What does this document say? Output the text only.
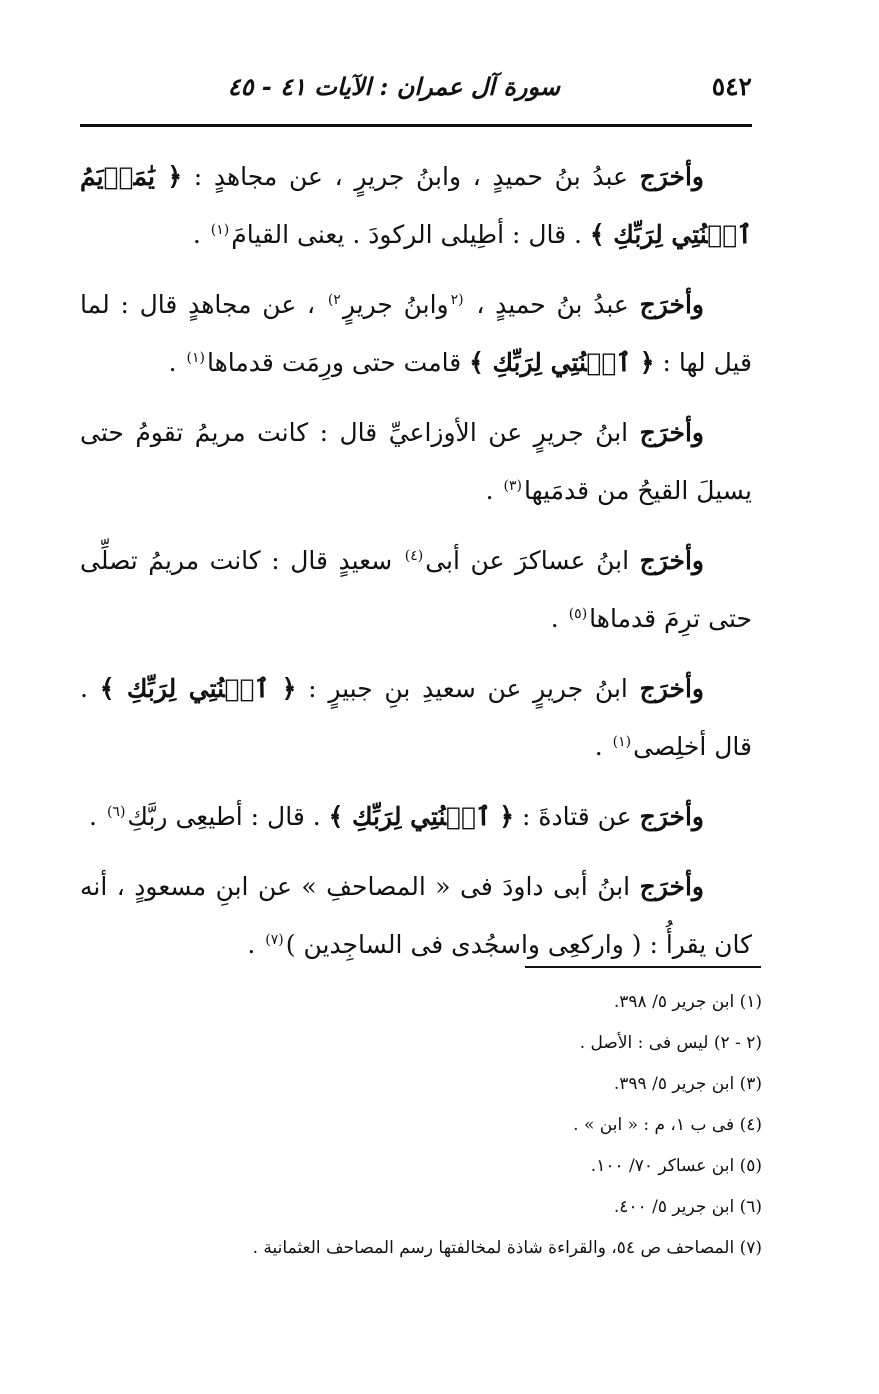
٥٤٢
سورة آل عمران : الآيات ٤١ - ٤٥

وأخرَج عبدُ بنُ حميدٍ ، وابنُ جريرٍ ، عن مجاهدٍ : ﴿ يَٰمَرۡيَمُ ٱقۡنُتِي لِرَبِّكِ ﴾ . قال : أطِيلى الركودَ . يعنى القيامَ$^{(١)}$ .

وأخرَج عبدُ بنُ حميدٍ ، $^{(٢}$وابنُ جريرٍ$^{٢)}$ ، عن مجاهدٍ قال : لما قيل لها : ﴿ ٱقۡنُتِي لِرَبِّكِ ﴾ قامت حتى ورِمَت قدماها$^{(١)}$ .

وأخرَج ابنُ جريرٍ عن الأوزاعيِّ قال : كانت مريمُ تقومُ حتى يسيلَ القيحُ من قدمَيها$^{(٣)}$ .

وأخرَج ابنُ عساكرَ عن أبى$^{(٤)}$ سعيدٍ قال : كانت مريمُ تصلِّى حتى ترِمَ قدماها$^{(٥)}$ .

وأخرَج ابنُ جريرٍ عن سعيدِ بنِ جبيرٍ : ﴿ ٱقۡنُتِي لِرَبِّكِ ﴾ . قال أخلِصى$^{(١)}$ .

وأخرَج عن قتادةَ : ﴿ ٱقۡنُتِي لِرَبِّكِ ﴾ . قال : أطيعِى ربَّكِ$^{(٦)}$ .

وأخرَج ابنُ أبى داودَ فى « المصاحفِ » عن ابنِ مسعودٍ ، أنه كان يقرأُ : ( واركعِى واسجُدى فى الساجِدين )$^{(٧)}$ .

(١) ابن جرير ٥/ ٣٩٨.
(٢ - ٢) ليس فى : الأصل .
(٣) ابن جرير ٥/ ٣٩٩.
(٤) فى ب ١، م : « ابن » .
(٥) ابن عساكر ٧٠/ ١٠٠.
(٦) ابن جرير ٥/ ٤٠٠.
(٧) المصاحف ص ٥٤، والقراءة شاذة لمخالفتها رسم المصاحف العثمانية .
